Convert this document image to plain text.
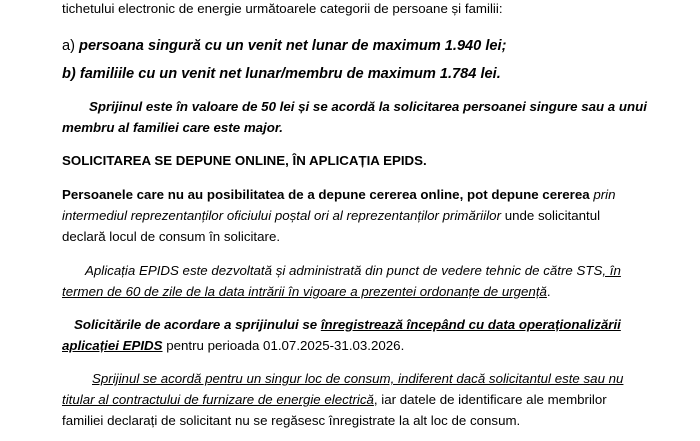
tichetului electronic de energie următoarele categorii de persoane și familii:
a) persoana singură cu un venit net lunar de maximum 1.940 lei;
b) familiile cu un venit net lunar/membru de maximum 1.784 lei.
Sprijinul este în valoare de 50 lei și se acordă la solicitarea persoanei singure sau a unui
membru al familiei care este major.
SOLICITAREA SE DEPUNE ONLINE, ÎN APLICAȚIA EPIDS.
Persoanele care nu au posibilitatea de a depune cererea online, pot depune cererea prin
intermediul reprezentanților oficiului poștal ori al reprezentanților primăriilor unde solicitantul
declară locul de consum în solicitare.
Aplicația EPIDS este dezvoltată și administrată din punct de vedere tehnic de către STS, în
termen de 60 de zile de la data intrării în vigoare a prezentei ordonanțe de urgență.
Solicitările de acordare a sprijinului se înregistrează începând cu data operaționalizării
aplicației EPIDS pentru perioada 01.07.2025-31.03.2026.
Sprijinul se acordă pentru un singur loc de consum, indiferent dacă solicitantul este sau nu
titular al contractului de furnizare de energie electrică, iar datele de identificare ale membrilor
familiei declarați de solicitant nu se regăsesc înregistrate la alt loc de consum.
